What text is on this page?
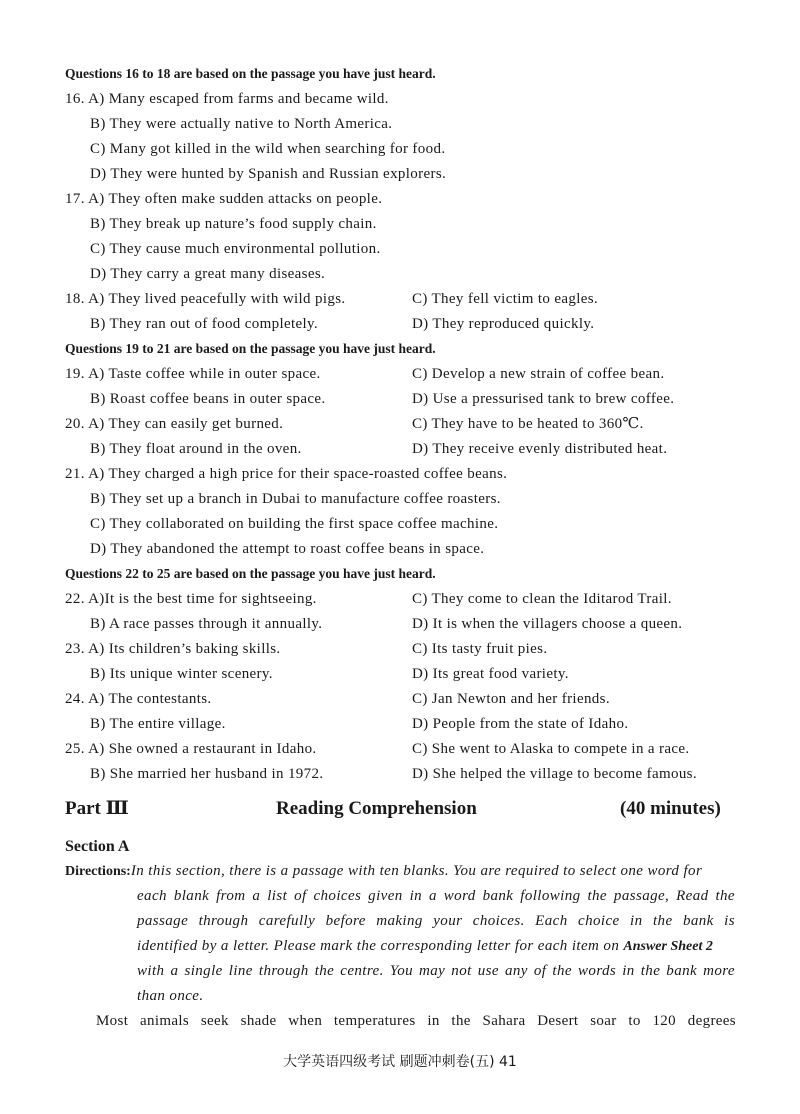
Questions 16 to 18 are based on the passage you have just heard.
16. A) Many escaped from farms and became wild.
B) They were actually native to North America.
C) Many got killed in the wild when searching for food.
D) They were hunted by Spanish and Russian explorers.
17. A) They often make sudden attacks on people.
B) They break up nature’s food supply chain.
C) They cause much environmental pollution.
D) They carry a great many diseases.
18. A) They lived peacefully with wild pigs.	C) They fell victim to eagles.
B) They ran out of food completely.	D) They reproduced quickly.
Questions 19 to 21 are based on the passage you have just heard.
19. A) Taste coffee while in outer space.	C) Develop a new strain of coffee bean.
B) Roast coffee beans in outer space.	D) Use a pressurised tank to brew coffee.
20. A) They can easily get burned.	C) They have to be heated to 360℃.
B) They float around in the oven.	D) They receive evenly distributed heat.
21. A) They charged a high price for their space-roasted coffee beans.
B) They set up a branch in Dubai to manufacture coffee roasters.
C) They collaborated on building the first space coffee machine.
D) They abandoned the attempt to roast coffee beans in space.
Questions 22 to 25 are based on the passage you have just heard.
22. A)It is the best time for sightseeing.	C) They come to clean the Iditarod Trail.
B) A race passes through it annually.	D) It is when the villagers choose a queen.
23. A) Its children’s baking skills.	C) Its tasty fruit pies.
B) Its unique winter scenery.	D) Its great food variety.
24. A) The contestants.	C) Jan Newton and her friends.
B) The entire village.	D) People from the state of Idaho.
25. A) She owned a restaurant in Idaho.	C) She went to Alaska to compete in a race.
B) She married her husband in 1972.	D) She helped the village to become famous.
Part Ⅲ	Reading Comprehension	(40 minutes)
Section A
Directions:In this section, there is a passage with ten blanks. You are required to select one word for
each blank from a list of choices given in a word bank following the passage, Read the
passage through carefully before making your choices. Each choice in the bank is
identified by a letter. Please mark the corresponding letter for each item on Answer Sheet 2
with a single line through the centre. You may not use any of the words in the bank more
than once.
Most animals seek shade when temperatures in the Sahara Desert soar to 120 degrees
大学英语四级考试 刷题冲刺卷(五) 41
